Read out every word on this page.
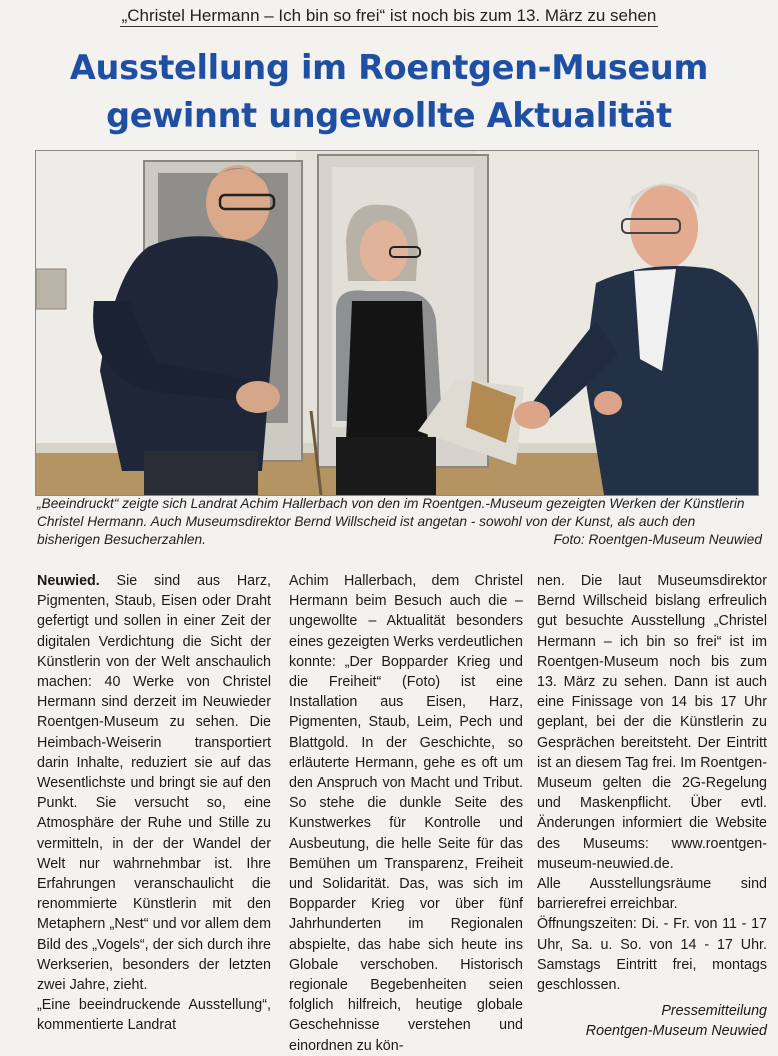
„Christel Hermann – Ich bin so frei“ ist noch bis zum 13. März zu sehen
Ausstellung im Roentgen-Museum
gewinnt ungewollte Aktualität
„Beeindruckt“ zeigte sich Landrat Achim Hallerbach von den im Roentgen.-Museum gezeigten Werken der Künstlerin Christel Hermann. Auch Museumsdirektor Bernd Willscheid ist angetan - sowohl von der Kunst, als auch den bisherigen Besucherzahlen.	Foto: Roentgen-Museum Neuwied

Neuwied. Sie sind aus Harz, Pigmenten, Staub, Eisen oder Draht gefertigt und sollen in einer Zeit der digitalen Verdichtung die Sicht der Künstlerin von der Welt anschaulich machen: 40 Werke von Christel Hermann sind derzeit im Neuwieder Roentgen-Museum zu sehen. Die Heimbach-Weiserin transportiert darin Inhalte, reduziert sie auf das Wesentlichste und bringt sie auf den Punkt. Sie versucht so, eine Atmosphäre der Ruhe und Stille zu vermitteln, in der der Wandel der Welt nur wahrnehmbar ist. Ihre Erfahrungen veranschaulicht die renommierte Künstlerin mit den Metaphern „Nest“ und vor allem dem Bild des „Vogels“, der sich durch ihre Werkserien, besonders der letzten zwei Jahre, zieht.

„Eine beeindruckende Ausstellung“, kommentierte Landrat

Achim Hallerbach, dem Christel Hermann beim Besuch auch die – ungewollte – Aktualität besonders eines gezeigten Werks verdeutlichen konnte: „Der Bopparder Krieg und die Freiheit“ (Foto) ist eine Installation aus Eisen, Harz, Pigmenten, Staub, Leim, Pech und Blattgold. In der Geschichte, so erläuterte Hermann, gehe es oft um den Anspruch von Macht und Tribut. So stehe die dunkle Seite des Kunstwerkes für Kontrolle und Ausbeutung, die helle Seite für das Bemühen um Transparenz, Freiheit und Solidarität. Das, was sich im Bopparder Krieg vor über fünf Jahrhunderten im Regionalen abspielte, das habe sich heute ins Globale verschoben. Historisch regionale Begebenheiten seien folglich hilfreich, heutige globale Geschehnisse verstehen und einordnen zu kön-

nen. Die laut Museumsdirektor Bernd Willscheid bislang erfreulich gut besuchte Ausstellung „Christel Hermann – ich bin so frei“ ist im Roentgen-Museum noch bis zum 13. März zu sehen. Dann ist auch eine Finissage von 14 bis 17 Uhr geplant, bei der die Künstlerin zu Gesprächen bereitsteht. Der Eintritt ist an diesem Tag frei. Im Roentgen-Museum gelten die 2G-Regelung und Maskenpflicht. Über evtl. Änderungen informiert die Website des Museums: www.roentgen-museum-neuwied.de.

Alle Ausstellungsräume sind barrierefrei erreichbar.

Öffnungszeiten: Di. - Fr. von 11 - 17 Uhr, Sa. u. So. von 14 - 17 Uhr. Samstags Eintritt frei, montags geschlossen.

Pressemitteilung
Roentgen-Museum Neuwied
